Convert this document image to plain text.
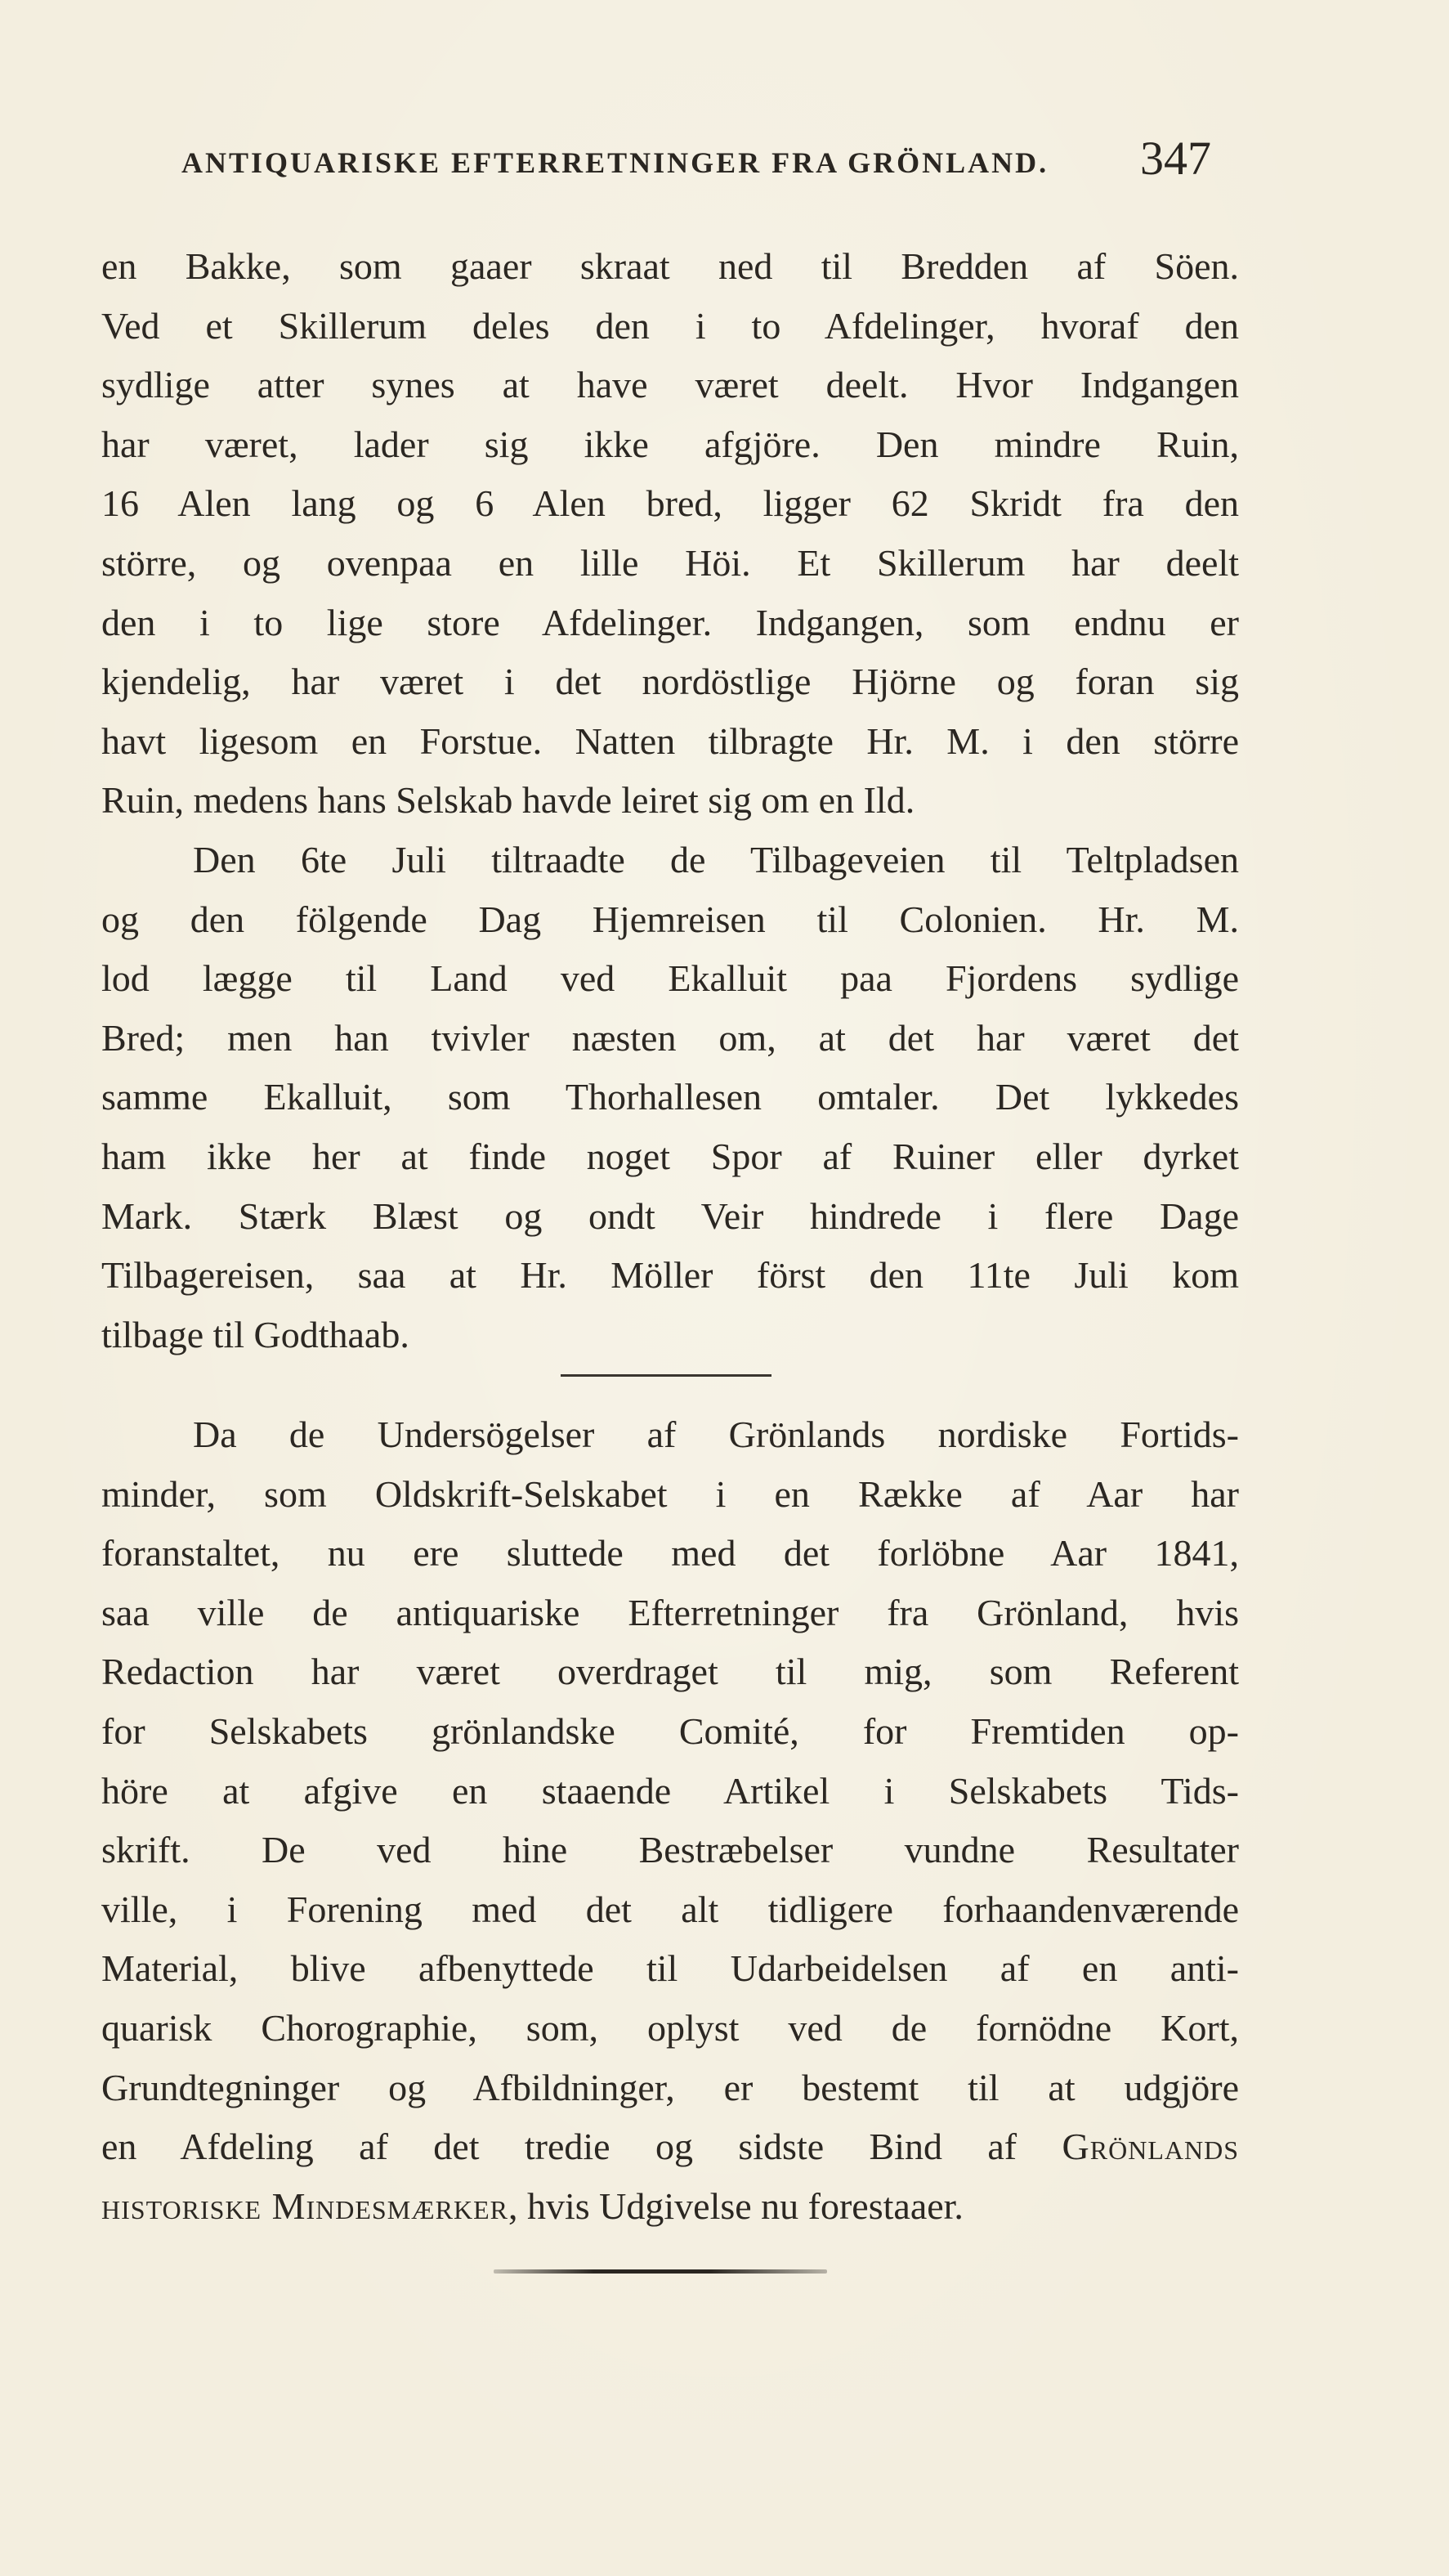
ANTIQUARISKE EFTERRETNINGER FRA GRÖNLAND. 347
en Bakke, som gaaer skraat ned til Bredden af Söen.
Ved et Skillerum deles den i to Afdelinger, hvoraf den
sydlige atter synes at have været deelt. Hvor Indgangen
har været, lader sig ikke afgjöre. Den mindre Ruin,
16 Alen lang og 6 Alen bred, ligger 62 Skridt fra den
större, og ovenpaa en lille Höi. Et Skillerum har deelt
den i to lige store Afdelinger. Indgangen, som endnu er
kjendelig, har været i det nordöstlige Hjörne og foran sig
havt ligesom en Forstue. Natten tilbragte Hr. M. i den större
Ruin, medens hans Selskab havde leiret sig om en Ild.
Den 6te Juli tiltraadte de Tilbageveien til Teltpladsen
og den fölgende Dag Hjemreisen til Colonien. Hr. M.
lod lægge til Land ved Ekalluit paa Fjordens sydlige
Bred; men han tvivler næsten om, at det har været det
samme Ekalluit, som Thorhallesen omtaler. Det lykkedes
ham ikke her at finde noget Spor af Ruiner eller dyrket
Mark. Stærk Blæst og ondt Veir hindrede i flere Dage
Tilbagereisen, saa at Hr. Möller först den 11te Juli kom
tilbage til Godthaab.
Da de Undersögelser af Grönlands nordiske Fortids-
minder, som Oldskrift-Selskabet i en Række af Aar har
foranstaltet, nu ere sluttede med det forlöbne Aar 1841,
saa ville de antiquariske Efterretninger fra Grönland, hvis
Redaction har været overdraget til mig, som Referent
for Selskabets grönlandske Comité, for Fremtiden op-
höre at afgive en staaende Artikel i Selskabets Tids-
skrift. De ved hine Bestræbelser vundne Resultater
ville, i Forening med det alt tidligere forhaandenværende
Material, blive afbenyttede til Udarbeidelsen af en anti-
quarisk Chorographie, som, oplyst ved de fornödne Kort,
Grundtegninger og Afbildninger, er bestemt til at udgjöre
en Afdeling af det tredie og sidste Bind af Grönlands
historiske Mindesmærker, hvis Udgivelse nu forestaaer.
